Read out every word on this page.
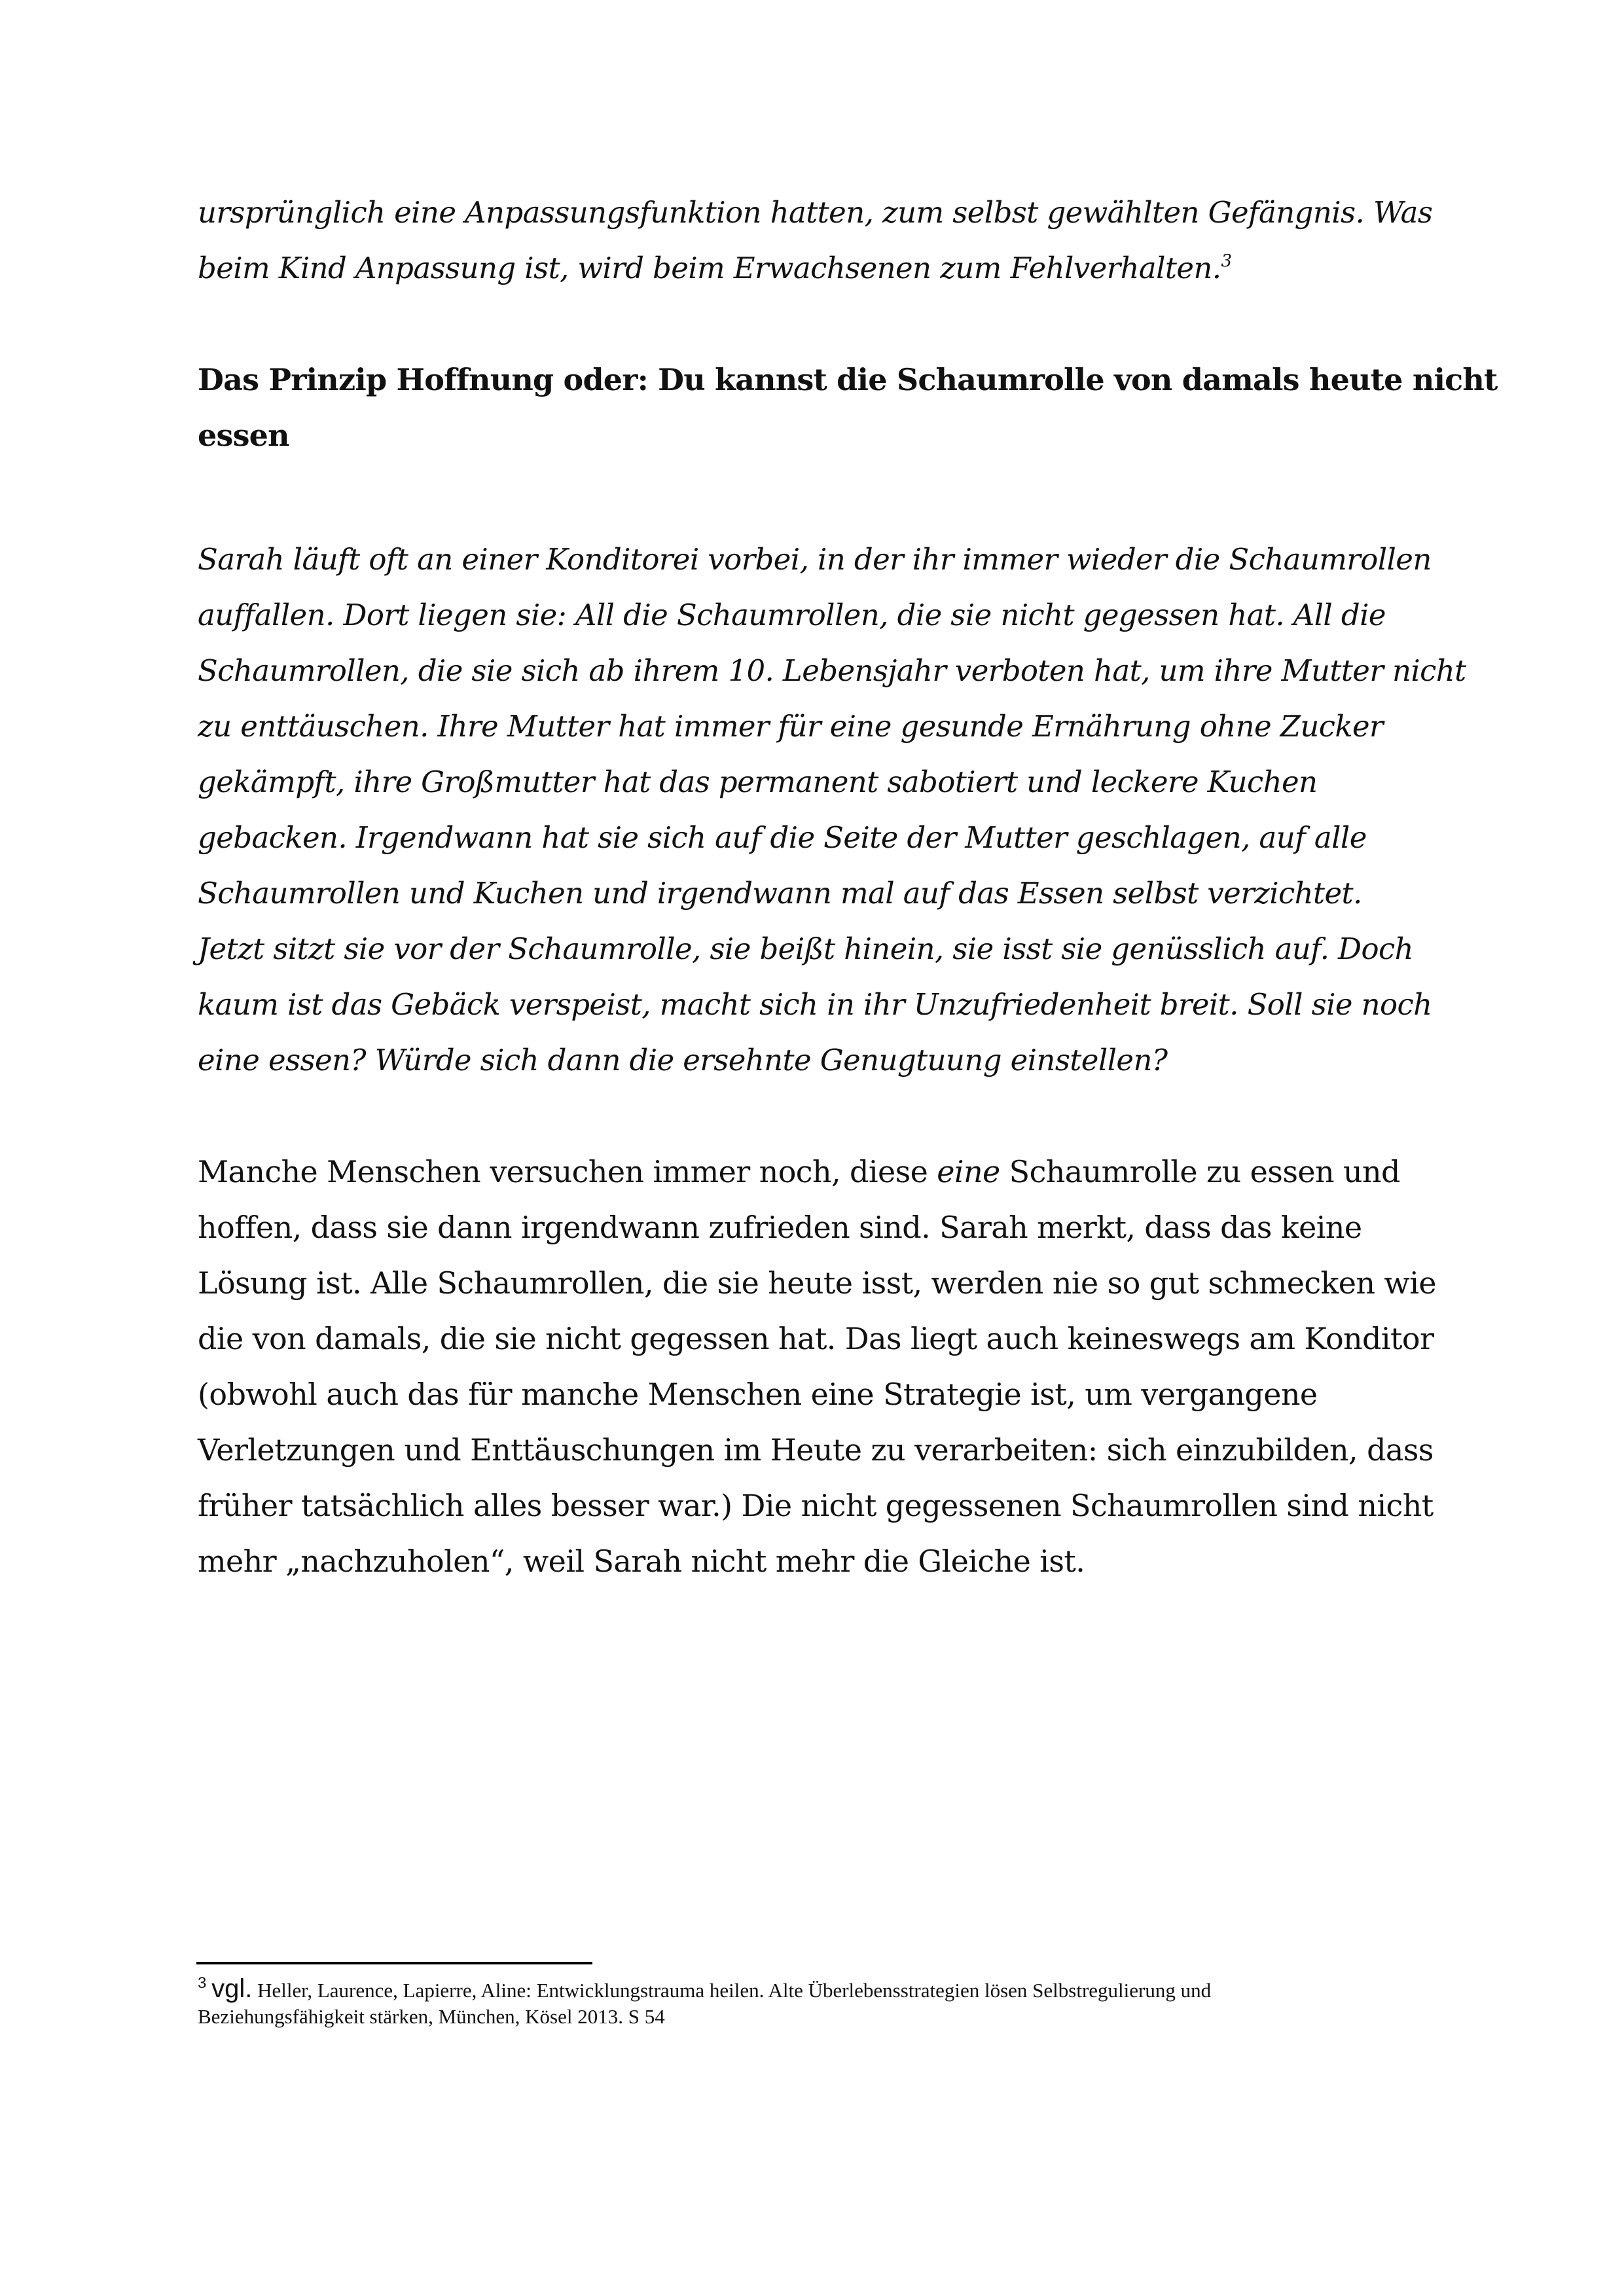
ursprünglich eine Anpassungsfunktion hatten, zum selbst gewählten Gefängnis. Was
beim Kind Anpassung ist, wird beim Erwachsenen zum Fehlverhalten.$^3$
Das Prinzip Hoffnung oder: Du kannst die Schaumrolle von damals heute nicht
essen
Sarah läuft oft an einer Konditorei vorbei, in der ihr immer wieder die Schaumrollen
auffallen. Dort liegen sie: All die Schaumrollen, die sie nicht gegessen hat. All die
Schaumrollen, die sie sich ab ihrem 10. Lebensjahr verboten hat, um ihre Mutter nicht
zu enttäuschen. Ihre Mutter hat immer für eine gesunde Ernährung ohne Zucker
gekämpft, ihre Großmutter hat das permanent sabotiert und leckere Kuchen
gebacken. Irgendwann hat sie sich auf die Seite der Mutter geschlagen, auf alle
Schaumrollen und Kuchen und irgendwann mal auf das Essen selbst verzichtet.
Jetzt sitzt sie vor der Schaumrolle, sie beißt hinein, sie isst sie genüsslich auf. Doch
kaum ist das Gebäck verspeist, macht sich in ihr Unzufriedenheit breit. Soll sie noch
eine essen? Würde sich dann die ersehnte Genugtuung einstellen?
Manche Menschen versuchen immer noch, diese eine Schaumrolle zu essen und
hoffen, dass sie dann irgendwann zufrieden sind. Sarah merkt, dass das keine
Lösung ist. Alle Schaumrollen, die sie heute isst, werden nie so gut schmecken wie
die von damals, die sie nicht gegessen hat. Das liegt auch keineswegs am Konditor
(obwohl auch das für manche Menschen eine Strategie ist, um vergangene
Verletzungen und Enttäuschungen im Heute zu verarbeiten: sich einzubilden, dass
früher tatsächlich alles besser war.) Die nicht gegessenen Schaumrollen sind nicht
mehr „nachzuholen“, weil Sarah nicht mehr die Gleiche ist.
$^3$ vgl. Heller, Laurence, Lapierre, Aline: Entwicklungstrauma heilen. Alte Überlebensstrategien lösen Selbstregulierung und
Beziehungsfähigkeit stärken, München, Kösel 2013. S 54
